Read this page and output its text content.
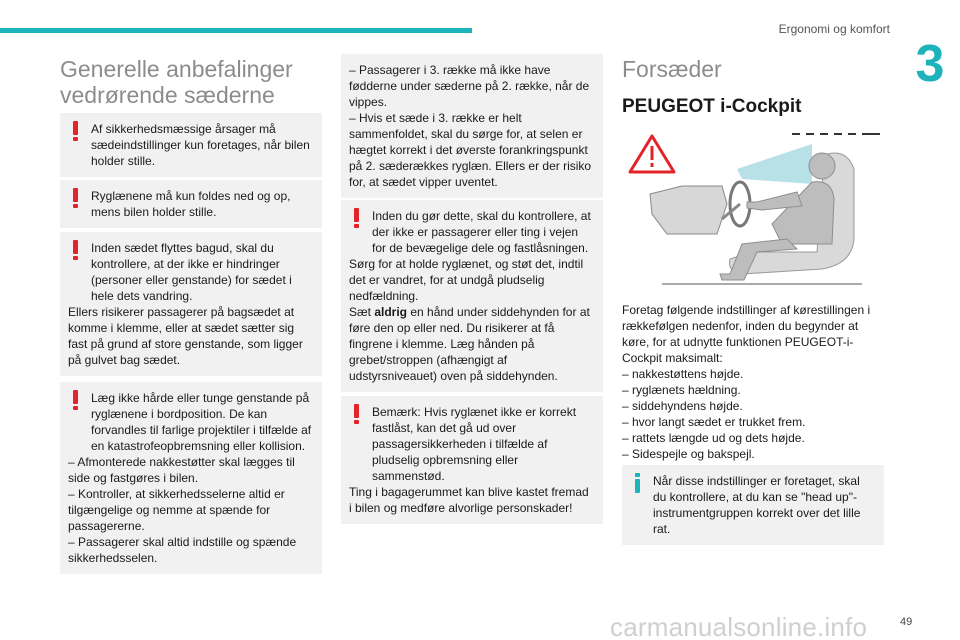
Ergonomi og komfort
3
Generelle anbefalinger vedrørende sæderne
Af sikkerhedsmæssige årsager må sædeindstillinger kun foretages, når bilen holder stille.
Ryglænene må kun foldes ned og op, mens bilen holder stille.
Inden sædet flyttes bagud, skal du kontrollere, at der ikke er hindringer (personer eller genstande) for sædet i hele dets vandring.
Ellers risikerer passagerer på bagsædet at komme i klemme, eller at sædet sætter sig fast på grund af store genstande, som ligger på gulvet bag sædet.
Læg ikke hårde eller tunge genstande på ryglænene i bordposition. De kan forvandles til farlige projektiler i tilfælde af en katastrofeopbremsning eller kollision.
– Afmonterede nakkestøtter skal lægges til side og fastgøres i bilen.
– Kontroller, at sikkerhedsselerne altid er tilgængelige og nemme at spænde for passagererne.
– Passagerer skal altid indstille og spænde sikkerhedsselen.
– Passagerer i 3. række må ikke have fødderne under sæderne på 2. række, når de vippes.
– Hvis et sæde i 3. række er helt sammenfoldet, skal du sørge for, at selen er hægtet korrekt i det øverste forankringspunkt på 2. sæderækkes ryglæn. Ellers er der risiko for, at sædet vipper uventet.
Inden du gør dette, skal du kontrollere, at der ikke er passagerer eller ting i vejen for de bevægelige dele og fastlåsningen.
Sørg for at holde ryglænet, og støt det, indtil det er vandret, for at undgå pludselig nedfældning.
Sæt aldrig en hånd under siddehynden for at føre den op eller ned. Du risikerer at få fingrene i klemme. Læg hånden på grebet/stroppen (afhængigt af udstyrsniveauet) oven på siddehynden.
Bemærk: Hvis ryglænet ikke er korrekt fastlåst, kan det gå ud over passagersikkerheden i tilfælde af pludselig opbremsning eller sammenstød.
Ting i bagagerummet kan blive kastet fremad i bilen og medføre alvorlige personskader!
Forsæder
PEUGEOT i-Cockpit
Foretag følgende indstillinger af kørestillingen i rækkefølgen nedenfor, inden du begynder at køre, for at udnytte funktionen PEUGEOT-i-Cockpit maksimalt:
– nakkestøttens højde.
– ryglænets hældning.
– siddehyndens højde.
– hvor langt sædet er trukket frem.
– rattets længde ud og dets højde.
– Sidespejle og bakspejl.
Når disse indstillinger er foretaget, skal du kontrollere, at du kan se "head up"-instrumentgruppen korrekt over det lille rat.
carmanualsonline.info	49
